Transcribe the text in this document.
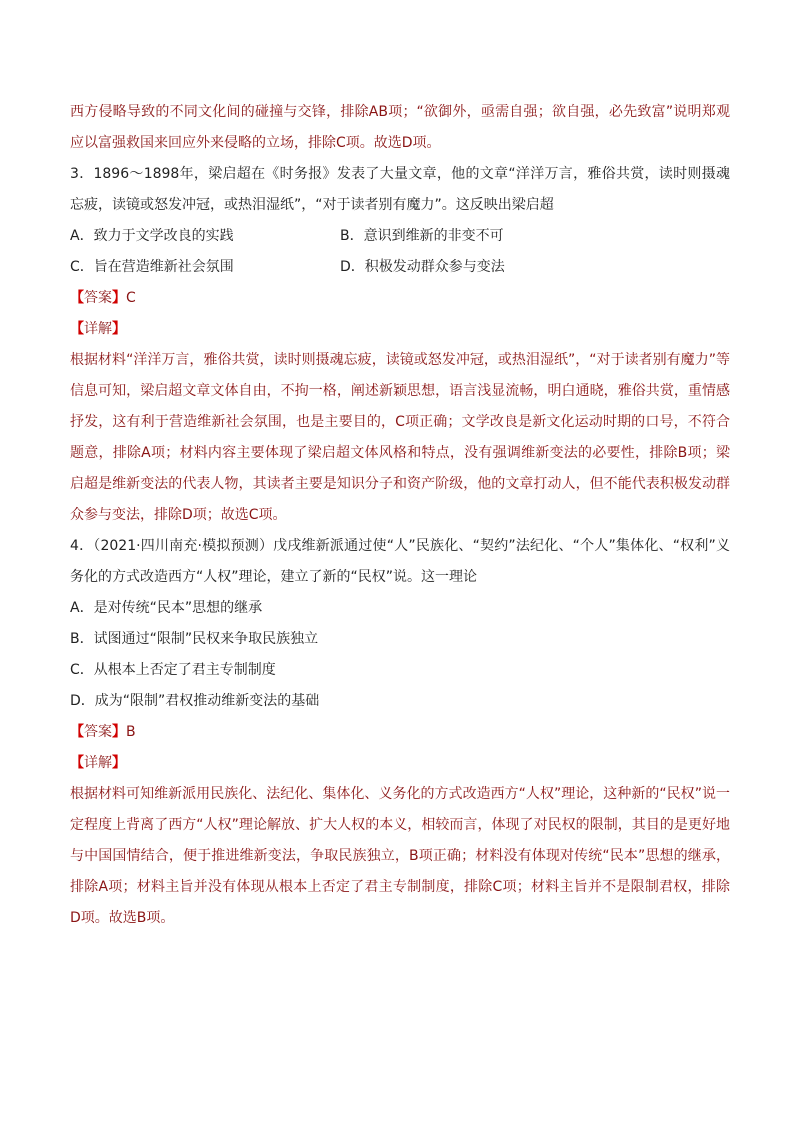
西方侵略导致的不同文化间的碰撞与交锋，排除AB项；“欲御外，亟需自强；欲自强，必先致富”说明郑观应以富强救国来回应外来侵略的立场，排除C项。故选D项。

3．1896～1898年，梁启超在《时务报》发表了大量文章，他的文章“洋洋万言，雅俗共赏，读时则摄魂忘疲，读镜或怒发冲冠，或热泪湿纸”，“对于读者别有魔力”。这反映出梁启超

A．致力于文学改良的实践	B．意识到维新的非变不可
C．旨在营造维新社会氛围	D．积极发动群众参与变法

【答案】C

【详解】

根据材料“洋洋万言，雅俗共赏，读时则摄魂忘疲，读镜或怒发冲冠，或热泪湿纸”，“对于读者别有魔力”等信息可知，梁启超文章文体自由，不拘一格，阐述新颖思想，语言浅显流畅，明白通晓，雅俗共赏，重情感抒发，这有利于营造维新社会氛围，也是主要目的，C项正确；文学改良是新文化运动时期的口号，不符合题意，排除A项；材料内容主要体现了梁启超文体风格和特点，没有强调维新变法的必要性，排除B项；梁启超是维新变法的代表人物，其读者主要是知识分子和资产阶级，他的文章打动人，但不能代表积极发动群众参与变法，排除D项；故选C项。

4．（2021·四川南充·模拟预测）戊戌维新派通过使“人”民族化、“契约”法纪化、“个人”集体化、“权利”义务化的方式改造西方“人权”理论，建立了新的“民权”说。这一理论

A．是对传统“民本”思想的继承

B．试图通过“限制”民权来争取民族独立

C．从根本上否定了君主专制制度

D．成为“限制”君权推动维新变法的基础

【答案】B

【详解】

根据材料可知维新派用民族化、法纪化、集体化、义务化的方式改造西方“人权”理论，这种新的“民权”说一定程度上背离了西方“人权”理论解放、扩大人权的本义，相较而言，体现了对民权的限制，其目的是更好地与中国国情结合，便于推进维新变法，争取民族独立，B项正确；材料没有体现对传统“民本”思想的继承，排除A项；材料主旨并没有体现从根本上否定了君主专制制度，排除C项；材料主旨并不是限制君权，排除D项。故选B项。
